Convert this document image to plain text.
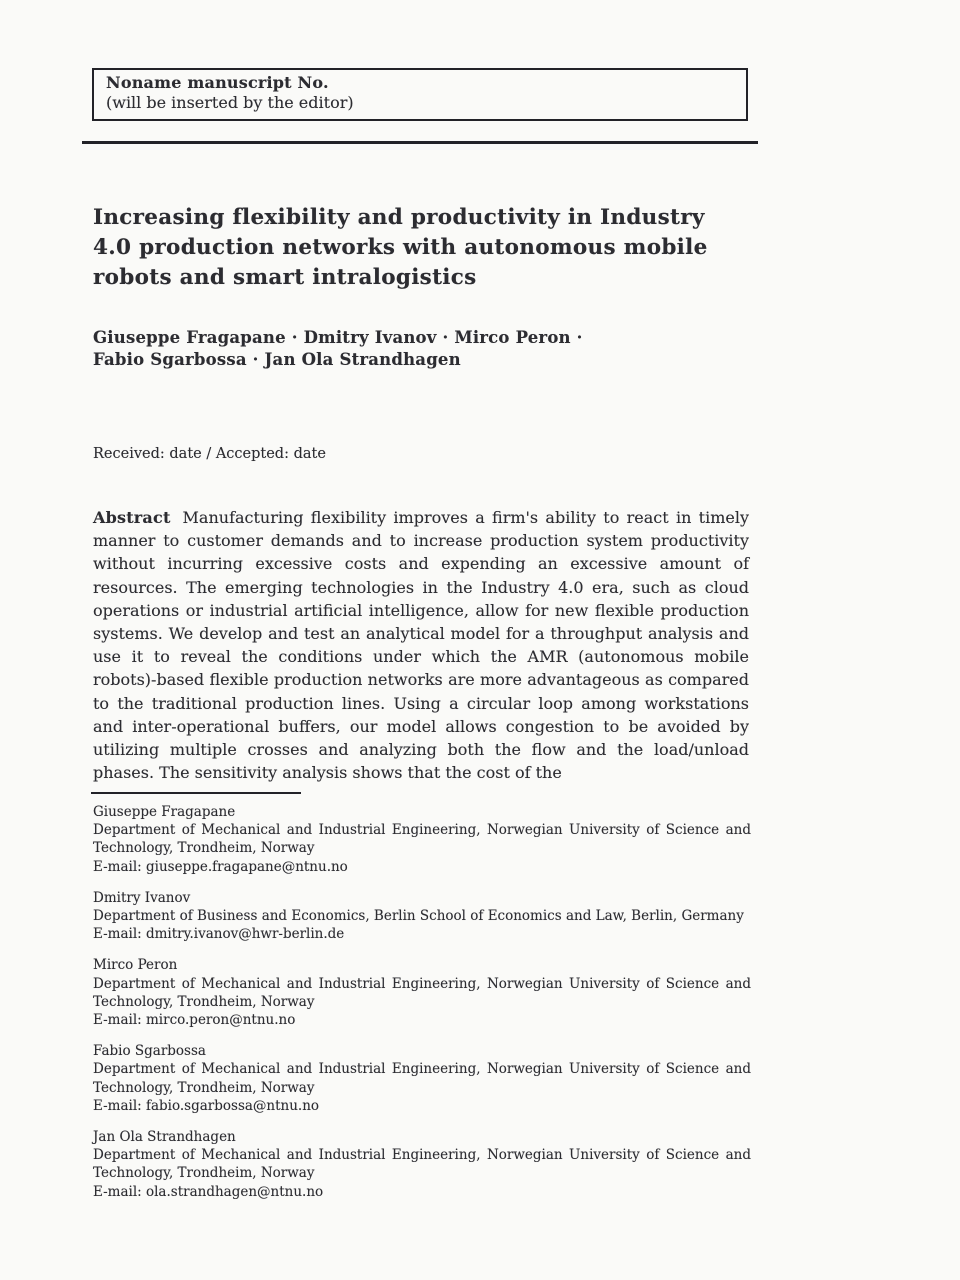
Noname manuscript No.
(will be inserted by the editor)
Increasing flexibility and productivity in Industry
4.0 production networks with autonomous mobile
robots and smart intralogistics
Giuseppe Fragapane · Dmitry Ivanov · Mirco Peron ·
Fabio Sgarbossa · Jan Ola Strandhagen
Received: date / Accepted: date
Abstract Manufacturing flexibility improves a firm's ability to react in timely manner to customer demands and to increase production system productivity without incurring excessive costs and expending an excessive amount of resources. The emerging technologies in the Industry 4.0 era, such as cloud operations or industrial artificial intelligence, allow for new flexible production systems. We develop and test an analytical model for a throughput analysis and use it to reveal the conditions under which the AMR (autonomous mobile robots)-based flexible production networks are more advantageous as compared to the traditional production lines. Using a circular loop among workstations and inter-operational buffers, our model allows congestion to be avoided by utilizing multiple crosses and analyzing both the flow and the load/unload phases. The sensitivity analysis shows that the cost of the
Giuseppe Fragapane
Department of Mechanical and Industrial Engineering, Norwegian University of Science and Technology, Trondheim, Norway
E-mail: giuseppe.fragapane@ntnu.no
Dmitry Ivanov
Department of Business and Economics, Berlin School of Economics and Law, Berlin, Germany
E-mail: dmitry.ivanov@hwr-berlin.de
Mirco Peron
Department of Mechanical and Industrial Engineering, Norwegian University of Science and Technology, Trondheim, Norway
E-mail: mirco.peron@ntnu.no
Fabio Sgarbossa
Department of Mechanical and Industrial Engineering, Norwegian University of Science and Technology, Trondheim, Norway
E-mail: fabio.sgarbossa@ntnu.no
Jan Ola Strandhagen
Department of Mechanical and Industrial Engineering, Norwegian University of Science and Technology, Trondheim, Norway
E-mail: ola.strandhagen@ntnu.no
